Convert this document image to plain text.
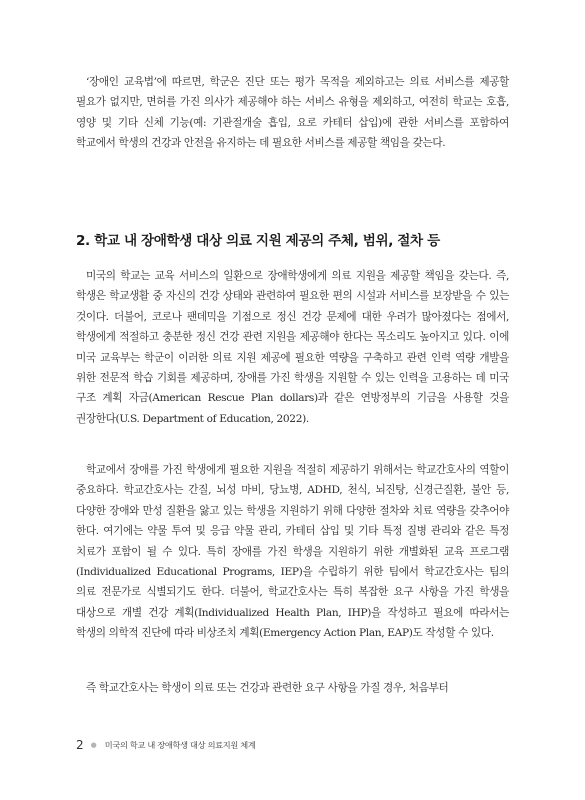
‘장애인 교육법’에 따르면, 학군은 진단 또는 평가 목적을 제외하고는 의료 서비스를 제공할 필요가 없지만, 면허를 가진 의사가 제공해야 하는 서비스 유형을 제외하고, 여전히 학교는 호흡, 영양 및 기타 신체 기능(예: 기관절개술 흡입, 요로 카테터 삽입)에 관한 서비스를 포함하여 학교에서 학생의 건강과 안전을 유지하는 데 필요한 서비스를 제공할 책임을 갖는다.

2. 학교 내 장애학생 대상 의료 지원 제공의 주체, 범위, 절차 등

미국의 학교는 교육 서비스의 일환으로 장애학생에게 의료 지원을 제공할 책임을 갖는다. 즉, 학생은 학교생활 중 자신의 건강 상태와 관련하여 필요한 편의 시설과 서비스를 보장받을 수 있는 것이다. 더불어, 코로나 팬데믹을 기점으로 정신 건강 문제에 대한 우려가 많아졌다는 점에서, 학생에게 적절하고 충분한 정신 건강 관련 지원을 제공해야 한다는 목소리도 높아지고 있다. 이에 미국 교육부는 학군이 이러한 의료 지원 제공에 필요한 역량을 구축하고 관련 인력 역량 개발을 위한 전문적 학습 기회를 제공하며, 장애를 가진 학생을 지원할 수 있는 인력을 고용하는 데 미국 구조 계획 자금(American Rescue Plan dollars)과 같은 연방정부의 기금을 사용할 것을 권장한다(U.S. Department of Education, 2022).

학교에서 장애를 가진 학생에게 필요한 지원을 적절히 제공하기 위해서는 학교간호사의 역할이 중요하다. 학교간호사는 간질, 뇌성 마비, 당뇨병, ADHD, 천식, 뇌진탕, 신경근질환, 불안 등, 다양한 장애와 만성 질환을 앓고 있는 학생을 지원하기 위해 다양한 절차와 치료 역량을 갖추어야 한다. 여기에는 약물 투여 및 응급 약물 관리, 카테터 삽입 및 기타 특정 질병 관리와 같은 특정 치료가 포함이 될 수 있다. 특히 장애를 가진 학생을 지원하기 위한 개별화된 교육 프로그램(Individualized Educational Programs, IEP)을 수립하기 위한 팀에서 학교간호사는 팀의 의료 전문가로 식별되기도 한다. 더불어, 학교간호사는 특히 복잡한 요구 사항을 가진 학생을 대상으로 개별 건강 계획(Individualized Health Plan, IHP)을 작성하고 필요에 따라서는 학생의 의학적 진단에 따라 비상조치 계획(Emergency Action Plan, EAP)도 작성할 수 있다.

즉 학교간호사는 학생이 의료 또는 건강과 관련한 요구 사항을 가질 경우, 처음부터

2 ● 미국의 학교 내 장애학생 대상 의료지원 체계
